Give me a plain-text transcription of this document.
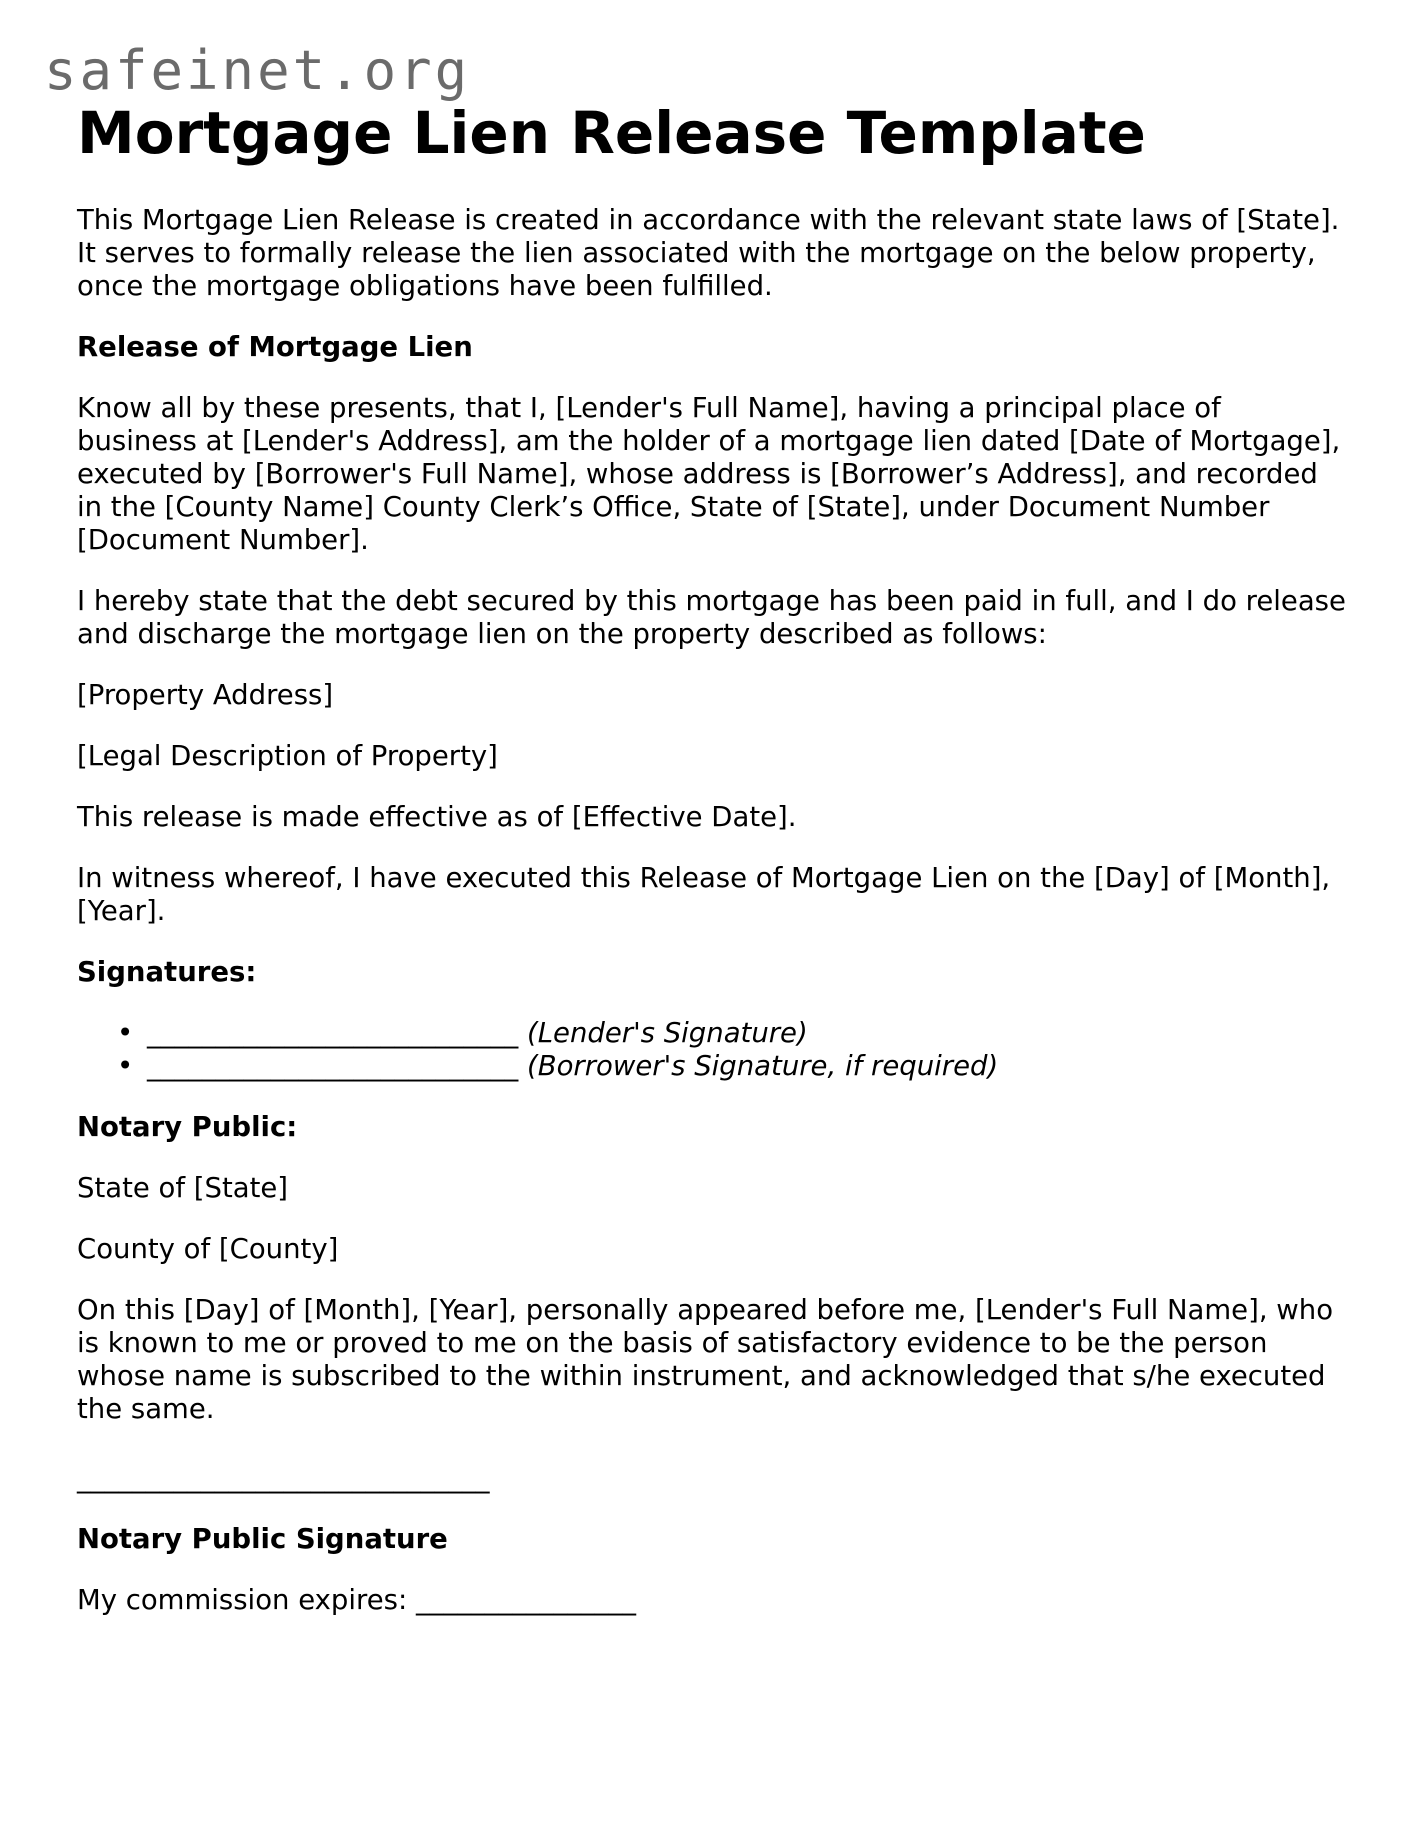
safeinet.org
Mortgage Lien Release Template

This Mortgage Lien Release is created in accordance with the relevant state laws of [State]. It serves to formally release the lien associated with the mortgage on the below property, once the mortgage obligations have been fulfilled.

Release of Mortgage Lien

Know all by these presents, that I, [Lender's Full Name], having a principal place of business at [Lender's Address], am the holder of a mortgage lien dated [Date of Mortgage], executed by [Borrower's Full Name], whose address is [Borrower’s Address], and recorded in the [County Name] County Clerk’s Office, State of [State], under Document Number [Document Number].

I hereby state that the debt secured by this mortgage has been paid in full, and I do release and discharge the mortgage lien on the property described as follows:

[Property Address]

[Legal Description of Property]

This release is made effective as of [Effective Date].

In witness whereof, I have executed this Release of Mortgage Lien on the [Day] of [Month], [Year].

Signatures:

• ___________________________ (Lender's Signature)
• ___________________________ (Borrower's Signature, if required)

Notary Public:

State of [State]

County of [County]

On this [Day] of [Month], [Year], personally appeared before me, [Lender's Full Name], who is known to me or proved to me on the basis of satisfactory evidence to be the person whose name is subscribed to the within instrument, and acknowledged that s/he executed the same.

______________________________

Notary Public Signature

My commission expires: ________________
